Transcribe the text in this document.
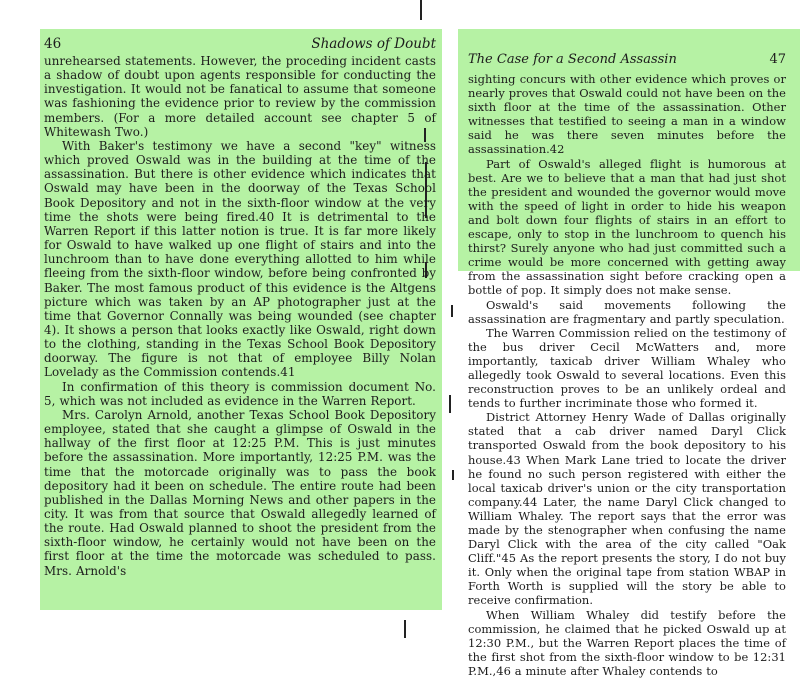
46	Shadows of Doubt

unrehearsed statements. However, the proceding incident casts a shadow of doubt upon agents responsible for conducting the investigation. It would not be fanatical to assume that someone was fashioning the evidence prior to review by the commission members. (For a more detailed account see chapter 5 of Whitewash Two.)

With Baker's testimony we have a second "key" witness which proved Oswald was in the building at the time of the assassination. But there is other evidence which indicates that Oswald may have been in the doorway of the Texas School Book Depository and not in the sixth-floor window at the very time the shots were being fired.40 It is detrimental to the Warren Report if this latter notion is true. It is far more likely for Oswald to have walked up one flight of stairs and into the lunchroom than to have done everything allotted to him while fleeing from the sixth-floor window, before being confronted by Baker. The most famous product of this evidence is the Altgens picture which was taken by an AP photographer just at the time that Governor Connally was being wounded (see chapter 4). It shows a person that looks exactly like Oswald, right down to the clothing, standing in the Texas School Book Depository doorway. The figure is not that of employee Billy Nolan Lovelady as the Commission contends.41

In confirmation of this theory is commission document No. 5, which was not included as evidence in the Warren Report.

Mrs. Carolyn Arnold, another Texas School Book Depository employee, stated that she caught a glimpse of Oswald in the hallway of the first floor at 12:25 P.M. This is just minutes before the assassination. More importantly, 12:25 P.M. was the time that the motorcade originally was to pass the book depository had it been on schedule. The entire route had been published in the Dallas Morning News and other papers in the city. It was from that source that Oswald allegedly learned of the route. Had Oswald planned to shoot the president from the sixth-floor window, he certainly would not have been on the first floor at the time the motorcade was scheduled to pass. Mrs. Arnold's

The Case for a Second Assassin	47

sighting concurs with other evidence which proves or nearly proves that Oswald could not have been on the sixth floor at the time of the assassination. Other witnesses that testified to seeing a man in a window said he was there seven minutes before the assassination.42

Part of Oswald's alleged flight is humorous at best. Are we to believe that a man that had just shot the president and wounded the governor would move with the speed of light in order to hide his weapon and bolt down four flights of stairs in an effort to escape, only to stop in the lunchroom to quench his thirst? Surely anyone who had just committed such a crime would be more concerned with getting away from the assassination sight before cracking open a bottle of pop. It simply does not make sense.

Oswald's said movements following the assassination are fragmentary and partly speculation.

The Warren Commission relied on the testimony of the bus driver Cecil McWatters and, more importantly, taxicab driver William Whaley who allegedly took Oswald to several locations. Even this reconstruction proves to be an unlikely ordeal and tends to further incriminate those who formed it.

District Attorney Henry Wade of Dallas originally stated that a cab driver named Daryl Click transported Oswald from the book depository to his house.43 When Mark Lane tried to locate the driver he found no such person registered with either the local taxicab driver's union or the city transportation company.44 Later, the name Daryl Click changed to William Whaley. The report says that the error was made by the stenographer when confusing the name Daryl Click with the area of the city called "Oak Cliff."45 As the report presents the story, I do not buy it. Only when the original tape from station WBAP in Forth Worth is supplied will the story be able to receive confirmation.

When William Whaley did testify before the commission, he claimed that he picked Oswald up at 12:30 P.M., but the Warren Report places the time of the first shot from the sixth-floor window to be 12:31 P.M.,46 a minute after Whaley contends to
